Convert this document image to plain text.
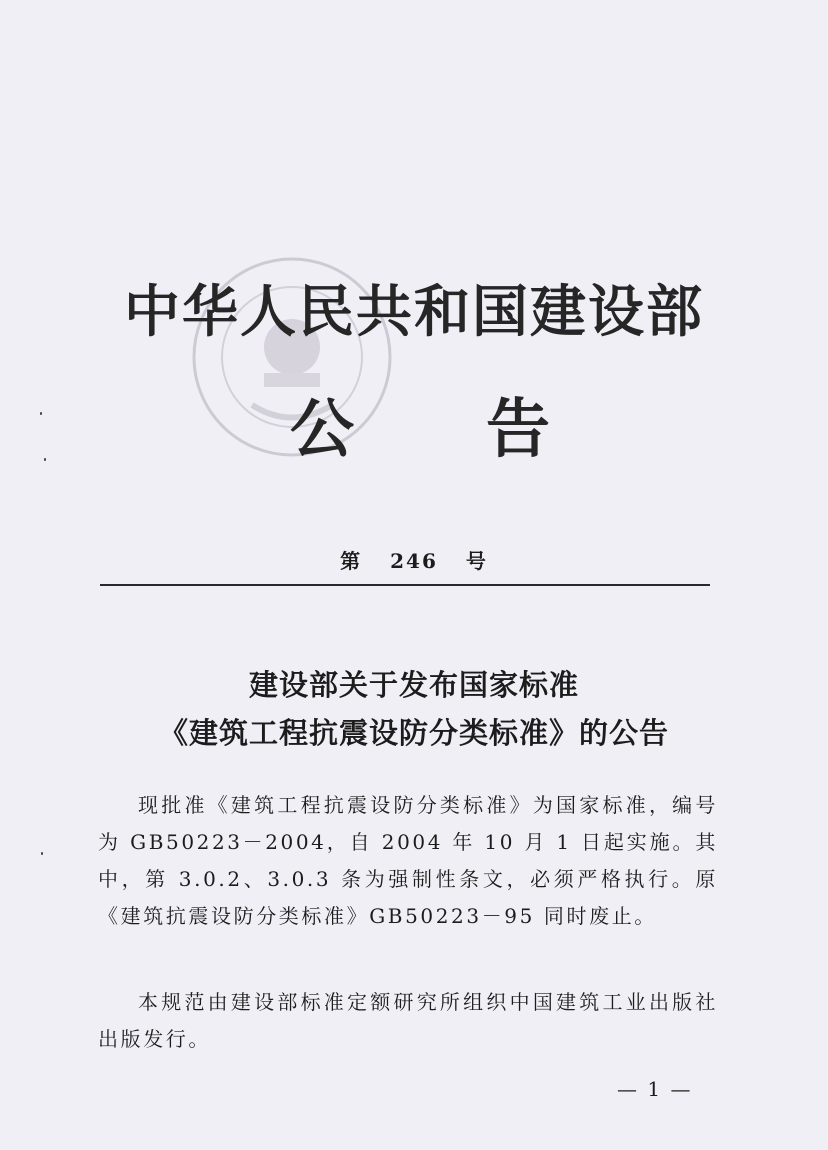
中华人民共和国建设部
公 告
第 246 号
建设部关于发布国家标准
《建筑工程抗震设防分类标准》的公告

现批准《建筑工程抗震设防分类标准》为国家标准，编号为 GB50223－2004，自 2004 年 10 月 1 日起实施。其中，第 3.0.2、3.0.3 条为强制性条文，必须严格执行。原《建筑抗震设防分类标准》GB50223－95 同时废止。

本规范由建设部标准定额研究所组织中国建筑工业出版社出版发行。

— 1 —
